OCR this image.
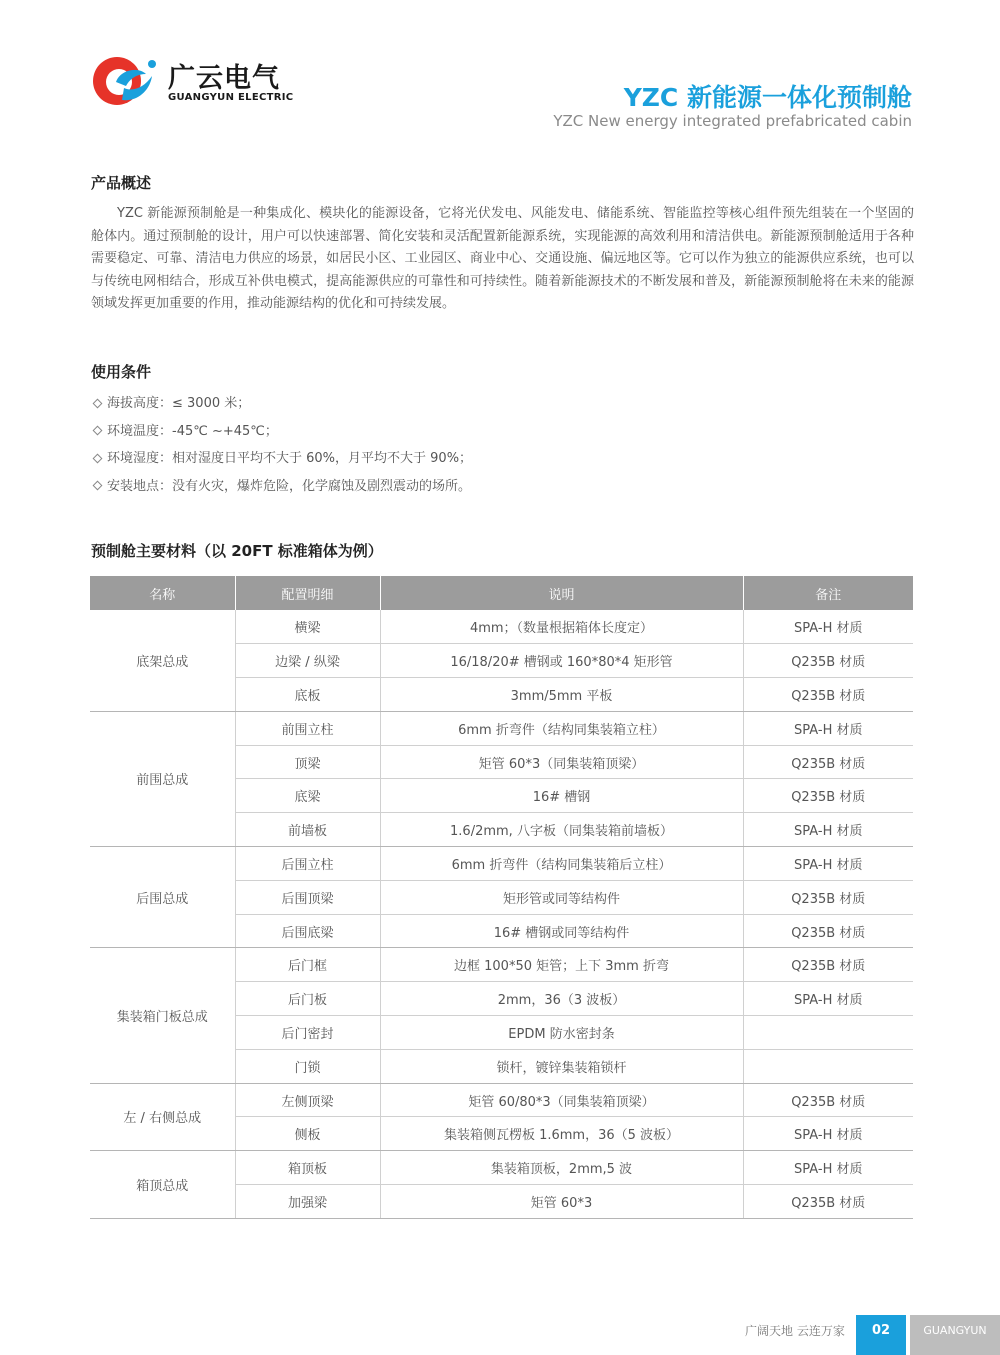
广云电气
GUANGYUN ELECTRIC	YZC 新能源一体化预制舱
YZC New energy integrated prefabricated cabin
产品概述

YZC 新能源预制舱是一种集成化、模块化的能源设备，它将光伏发电、风能发电、储能系统、智能监控等核心组件预先组装在一个坚固的舱体内。通过预制舱的设计，用户可以快速部署、简化安装和灵活配置新能源系统，实现能源的高效利用和清洁供电。新能源预制舱适用于各种需要稳定、可靠、清洁电力供应的场景，如居民小区、工业园区、商业中心、交通设施、偏远地区等。它可以作为独立的能源供应系统，也可以与传统电网相结合，形成互补供电模式，提高能源供应的可靠性和可持续性。随着新能源技术的不断发展和普及，新能源预制舱将在未来的能源领域发挥更加重要的作用，推动能源结构的优化和可持续发展。

使用条件
海拔高度：≤ 3000 米；
环境温度：-45℃ ~+45℃；
环境湿度：相对湿度日平均不大于 60%，月平均不大于 90%；
安装地点：没有火灾，爆炸危险，化学腐蚀及剧烈震动的场所。
预制舱主要材料（以 20FT 标准箱体为例）
名称	配置明细	说明	备注
底架总成	横梁	4mm；（数量根据箱体长度定）	SPA-H 材质
	边梁 / 纵梁	16/18/20# 槽钢或 160*80*4 矩形管	Q235B 材质
	底板	3mm/5mm 平板	Q235B 材质
前围总成	前围立柱	6mm 折弯件（结构同集装箱立柱）	SPA-H 材质
	顶梁	矩管 60*3（同集装箱顶梁）	Q235B 材质
	底梁	16# 槽钢	Q235B 材质
	前墙板	1.6/2mm, 八字板（同集装箱前墙板）	SPA-H 材质
后围总成	后围立柱	6mm 折弯件（结构同集装箱后立柱）	SPA-H 材质
	后围顶梁	矩形管或同等结构件	Q235B 材质
	后围底梁	16# 槽钢或同等结构件	Q235B 材质
集装箱门板总成	后门框	边框 100*50 矩管；上下 3mm 折弯	Q235B 材质
	后门板	2mm，36（3 波板）	SPA-H 材质
	后门密封	EPDM 防水密封条	
	门锁	锁杆，镀锌集装箱锁杆	
左 / 右侧总成	左侧顶梁	矩管 60/80*3（同集装箱顶梁）	Q235B 材质
	侧板	集装箱侧瓦楞板 1.6mm，36（5 波板）	SPA-H 材质
箱顶总成	箱顶板	集装箱顶板，2mm,5 波	SPA-H 材质
	加强梁	矩管 60*3	Q235B 材质
广阔天地 云连万家	02	GUANGYUN
